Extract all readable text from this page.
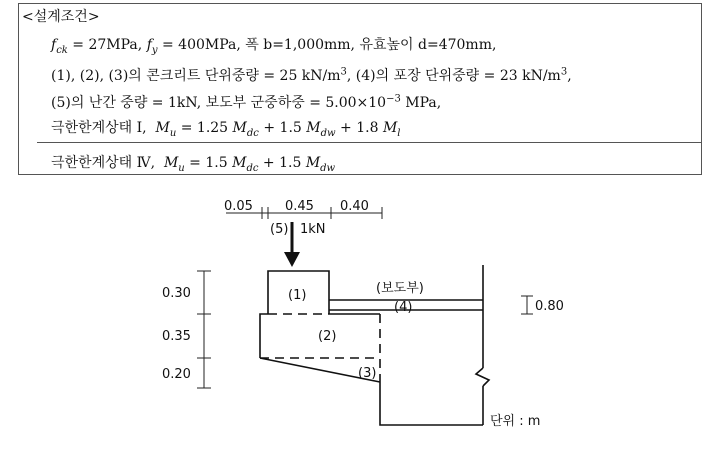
<설계조건>
$f_{ck} = 27MPa$, $f_y = 400MPa$, 폭 b=1,000mm, 유효높이 d=470mm,
(1), (2), (3)의 콘크리트 단위중량 = 25 $kN/m^3$, (4)의 포장 단위중량 = 23 $kN/m^3$,
(5)의 난간 중량 = 1kN, 보도부 군중하중 = $5.00\times 10^{-3}$ MPa,
극한한계상태 Ⅰ,  $M_u = 1.25$ $M_{dc} + 1.5$ $M_{dw} + 1.8$ $M_l$
극한한계상태 Ⅳ,  $M_u = 1.5$ $M_{dc} + 1.5$ $M_{dw}$
0.05 0.45 0.40
(5) 1kN
0.30
0.35
0.20
(1)
(2)
(3)
(4)
(보도부)
0.80
단위 : m
